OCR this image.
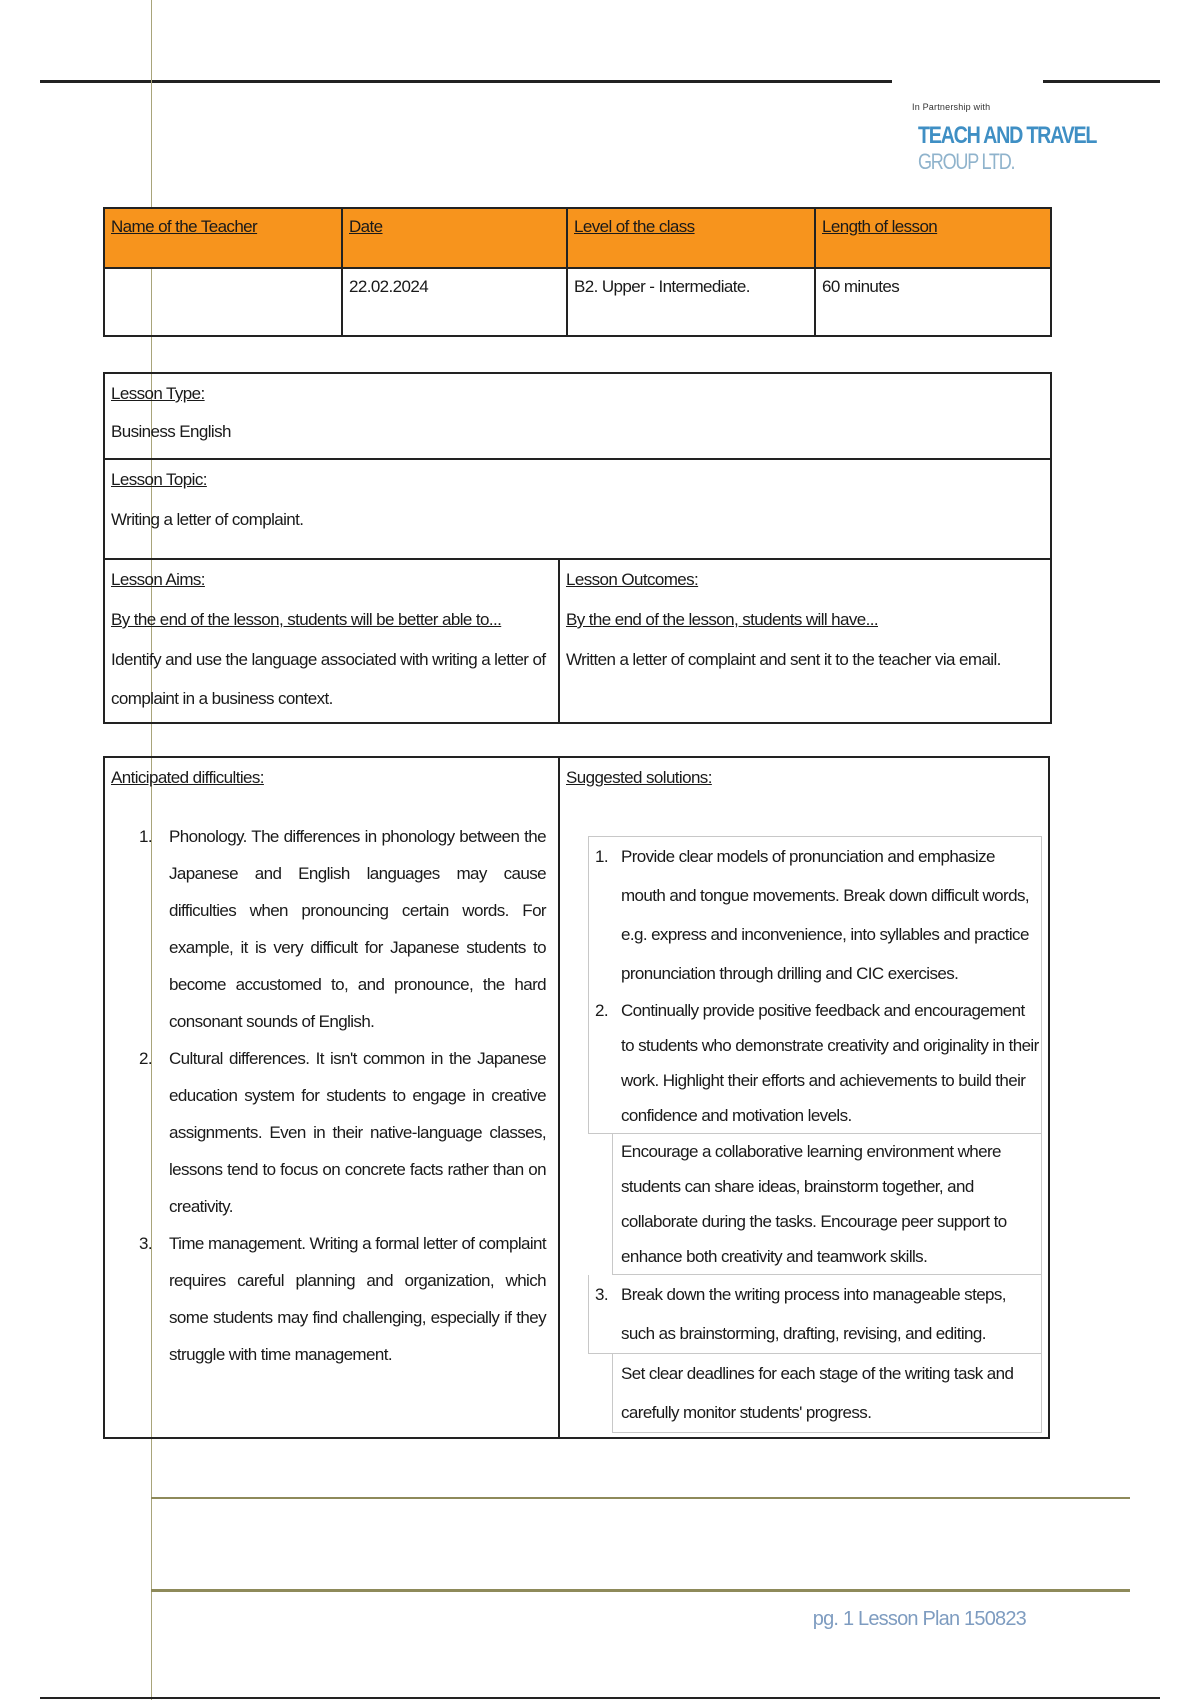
In Partnership with
TEACH AND TRAVEL
GROUP LTD.
Name of the Teacher	Date	Level of the class	Length of lesson
	22.02.2024	B2. Upper - Intermediate.	60 minutes
Lesson Type:
Business English

Lesson Topic:
Writing a letter of complaint.

Lesson Aims:
By the end of the lesson, students will be better able to...
Identify and use the language associated with writing a letter of complaint in a business context.

Lesson Outcomes:
By the end of the lesson, students will have...
Written a letter of complaint and sent it to the teacher via email.
Anticipated difficulties:
1. Phonology. The differences in phonology between the Japanese and English languages may cause difficulties when pronouncing certain words. For example, it is very difficult for Japanese students to become accustomed to, and pronounce, the hard consonant sounds of English.
2. Cultural differences. It isn't common in the Japanese education system for students to engage in creative assignments. Even in their native-language classes, lessons tend to focus on concrete facts rather than on creativity.
3. Time management. Writing a formal letter of complaint requires careful planning and organization, which some students may find challenging, especially if they struggle with time management.

Suggested solutions:
1. Provide clear models of pronunciation and emphasize mouth and tongue movements. Break down difficult words, e.g. express and inconvenience, into syllables and practice pronunciation through drilling and CIC exercises.
2. Continually provide positive feedback and encouragement to students who demonstrate creativity and originality in their work. Highlight their efforts and achievements to build their confidence and motivation levels.
Encourage a collaborative learning environment where students can share ideas, brainstorm together, and collaborate during the tasks. Encourage peer support to enhance both creativity and teamwork skills.
3. Break down the writing process into manageable steps, such as brainstorming, drafting, revising, and editing.
Set clear deadlines for each stage of the writing task and carefully monitor students' progress.
pg. 1 Lesson Plan 150823
